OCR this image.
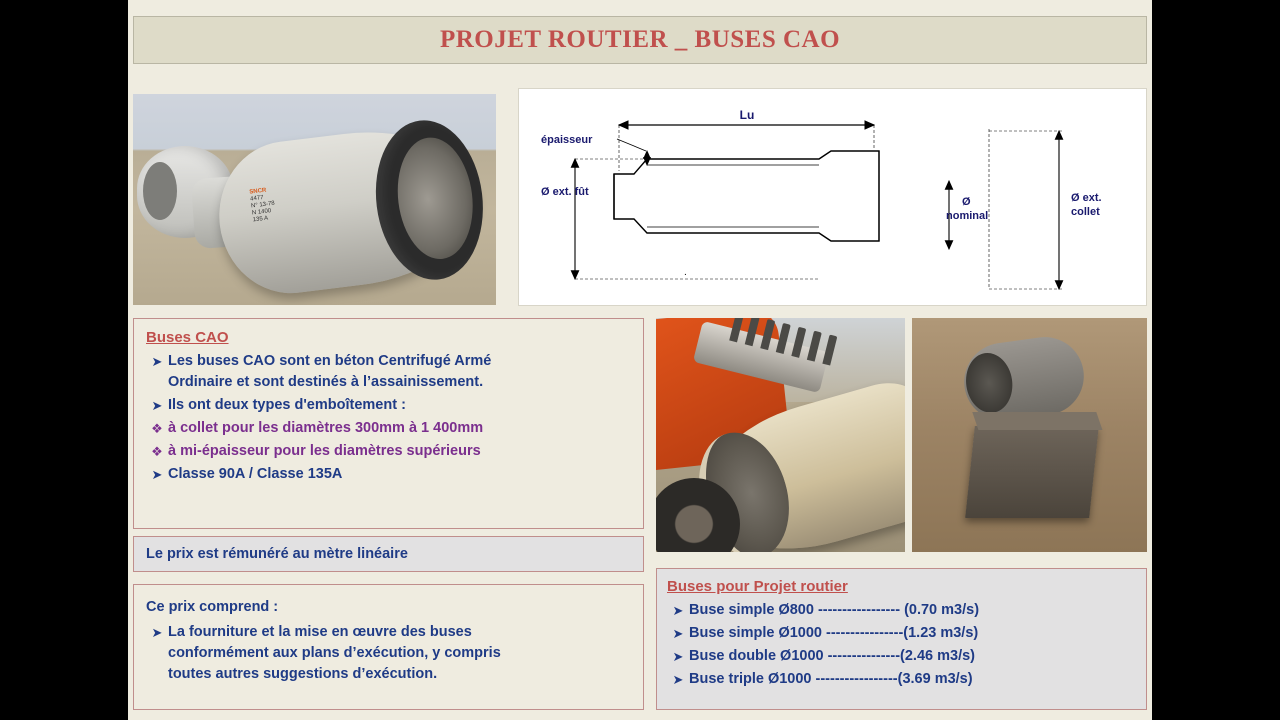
PROJET ROUTIER _ BUSES CAO
SNCR
4477
N° 13-78
N 1400
135 A
Lu
épaisseur
Ø ext. fût
Ø
nominal
Ø ext.
collet
.
Buses CAO
➤ Les buses CAO sont en béton Centrifugé Armé
Ordinaire et sont destinés à l’assainissement.
➤ Ils ont deux types d'emboîtement :
❖ à collet pour les diamètres 300mm à 1 400mm
❖ à mi-épaisseur pour les diamètres supérieurs
➤ Classe 90A / Classe 135A
Le prix est rémunéré au mètre linéaire
Ce prix comprend :
➤ La fourniture et la mise en œuvre des buses
conformément aux plans d’exécution, y compris
toutes autres suggestions d’exécution.
Buses pour Projet routier
➤ Buse simple Ø800 ----------------- (0.70 m3/s)
➤ Buse simple Ø1000 ----------------(1.23 m3/s)
➤ Buse double Ø1000 ---------------(2.46 m3/s)
➤ Buse triple Ø1000 -----------------(3.69 m3/s)
